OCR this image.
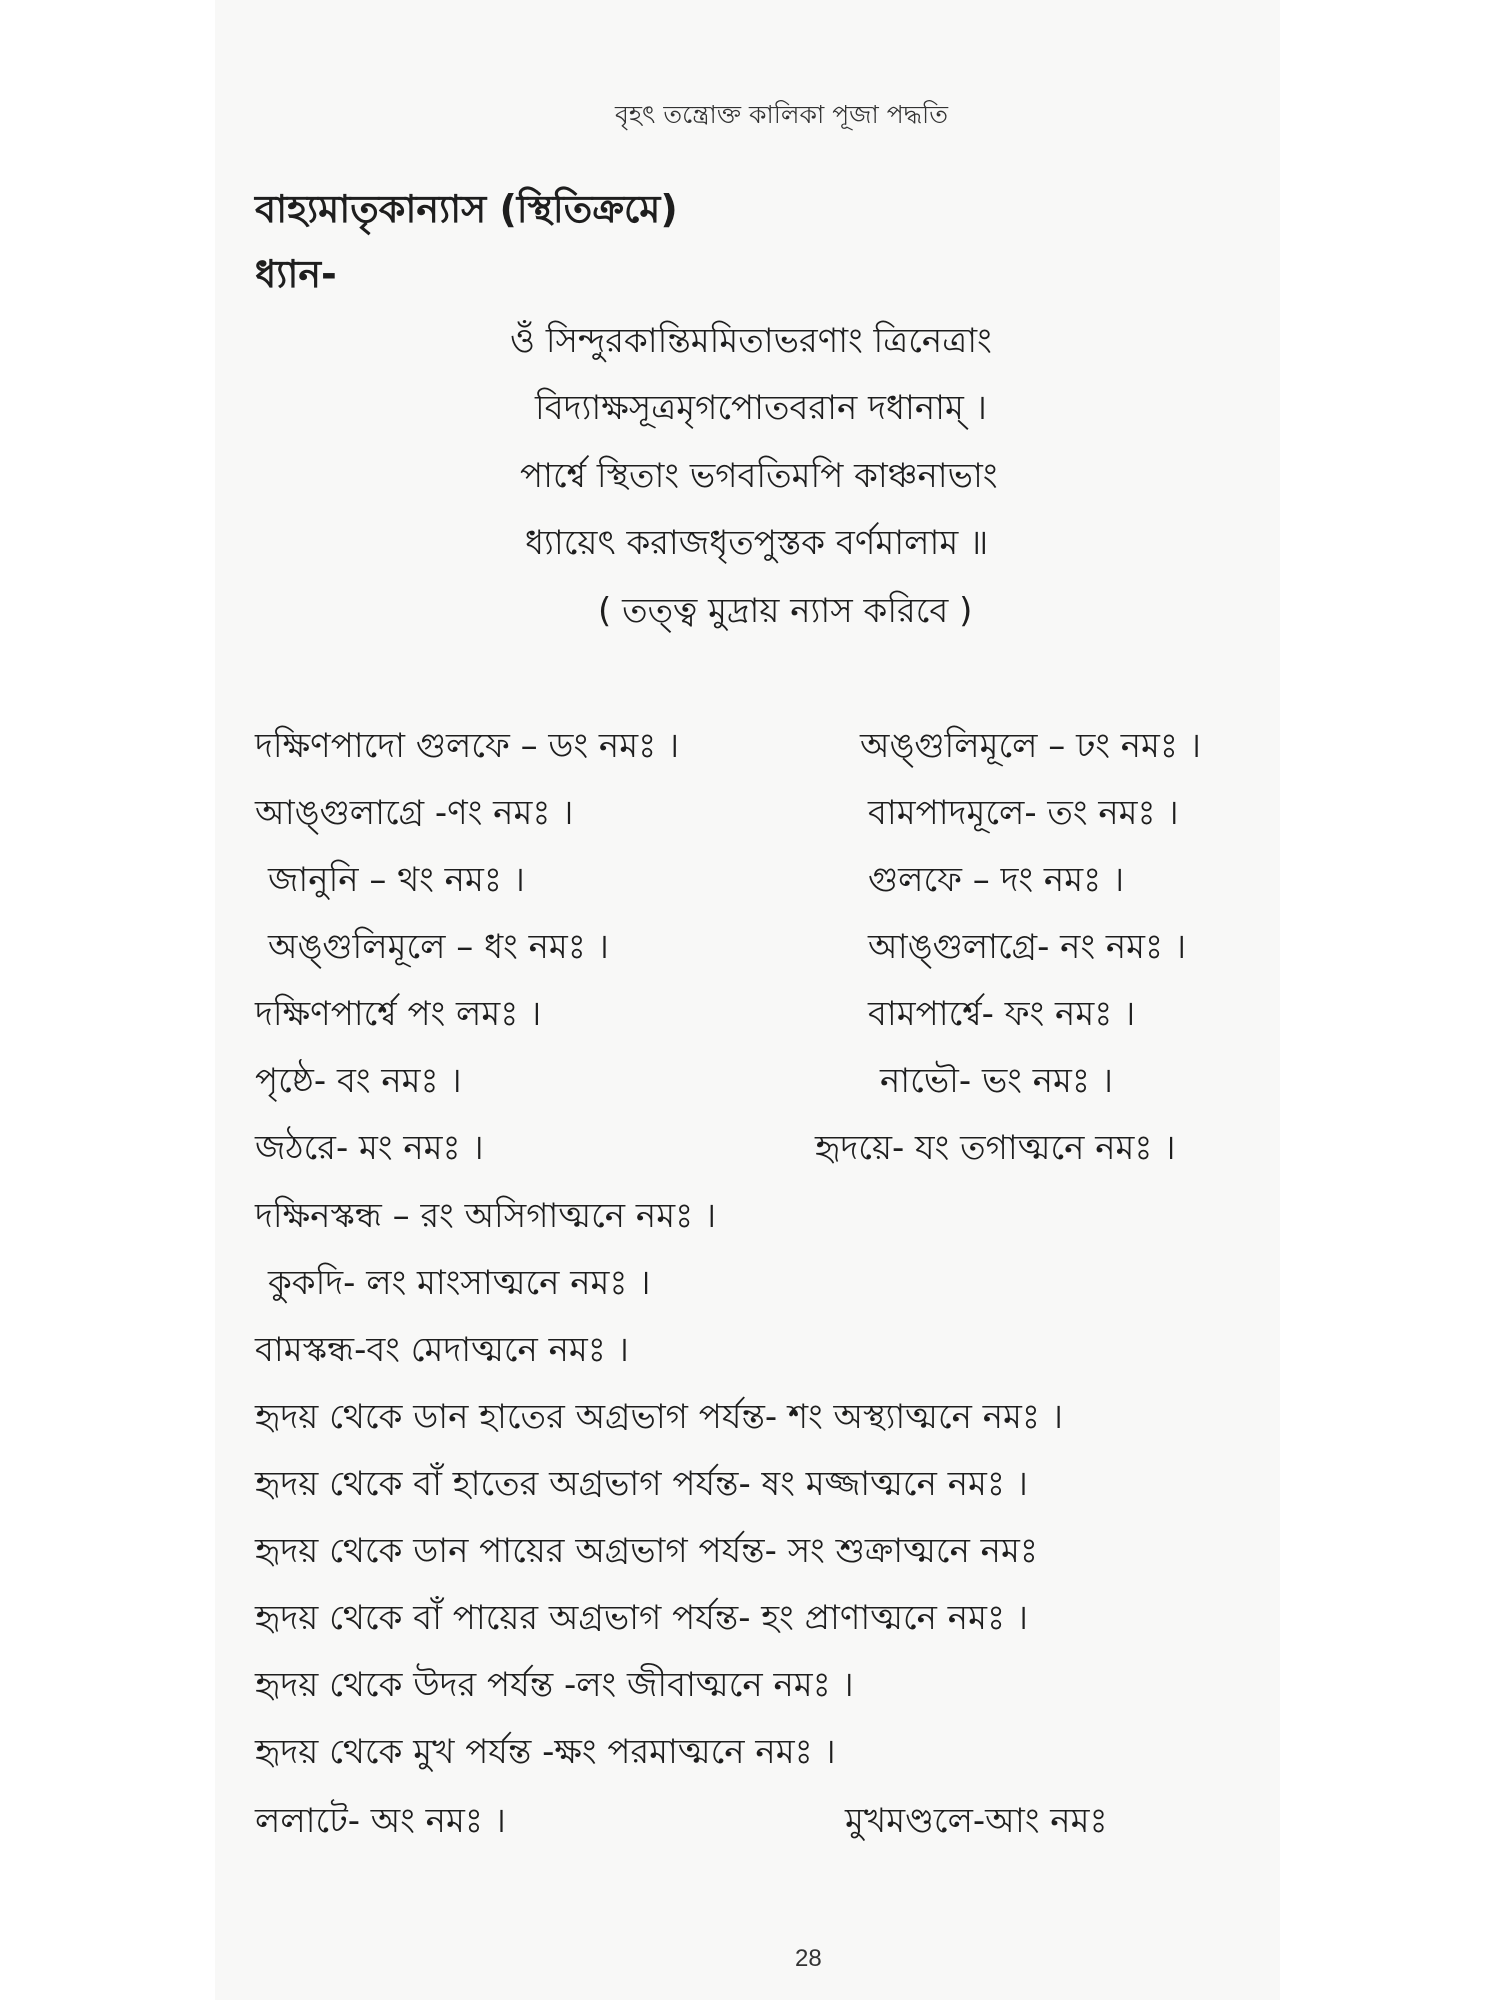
বৃহৎ তন্ত্রোক্ত কালিকা পূজা পদ্ধতি
বাহ্যমাতৃকান্যাস (স্থিতিক্রমে)
ধ্যান-
ওঁ সিন্দুরকান্তিমমিতাভরণাং ত্রিনেত্রাং
বিদ্যাক্ষসূত্রমৃগপোতবরান দধানাম্ ।
পার্শ্বে স্থিতাং ভগবতিমপি কাঞ্চনাভাং
ধ্যায়েৎ করাজধৃতপুস্তক বর্ণমালাম ॥
( তত্ত্ব মুদ্রায় ন্যাস করিবে )
দক্ষিণপাদো গুলফে – ডং নমঃ ।	অঙ্গুলিমূলে – ঢং নমঃ ।
আঙ্গুলাগ্রে -ণং নমঃ ।	বামপাদমূলে- তং নমঃ ।
জানুনি – থং নমঃ ।	গুলফে – দং নমঃ ।
অঙ্গুলিমূলে – ধং নমঃ ।	আঙ্গুলাগ্রে- নং নমঃ ।
দক্ষিণপার্শ্বে পং লমঃ ।	বামপার্শ্বে- ফং নমঃ ।
পৃষ্ঠে- বং নমঃ ।	নাভৌ- ভং নমঃ ।
জঠরে- মং নমঃ ।	হৃদয়ে- যং তগাত্মনে নমঃ ।
দক্ষিনস্কন্ধ – রং অসিগাত্মনে নমঃ ।
কুকদি- লং মাংসাত্মনে নমঃ ।
বামস্কন্ধ-বং মেদাত্মনে নমঃ ।
হৃদয় থেকে ডান হাতের অগ্রভাগ পর্যন্ত- শং অস্থ্যাত্মনে নমঃ ।
হৃদয় থেকে বাঁ হাতের অগ্রভাগ পর্যন্ত- ষং মজ্জাত্মনে নমঃ ।
হৃদয় থেকে ডান পায়ের অগ্রভাগ পর্যন্ত- সং শুক্রাত্মনে নমঃ
হৃদয় থেকে বাঁ পায়ের অগ্রভাগ পর্যন্ত- হং প্রাণাত্মনে নমঃ ।
হৃদয় থেকে উদর পর্যন্ত -লং জীবাত্মনে নমঃ ।
হৃদয় থেকে মুখ পর্যন্ত -ক্ষং পরমাত্মনে নমঃ ।
ললাটে- অং নমঃ ।	মুখমণ্ডলে-আং নমঃ
28
